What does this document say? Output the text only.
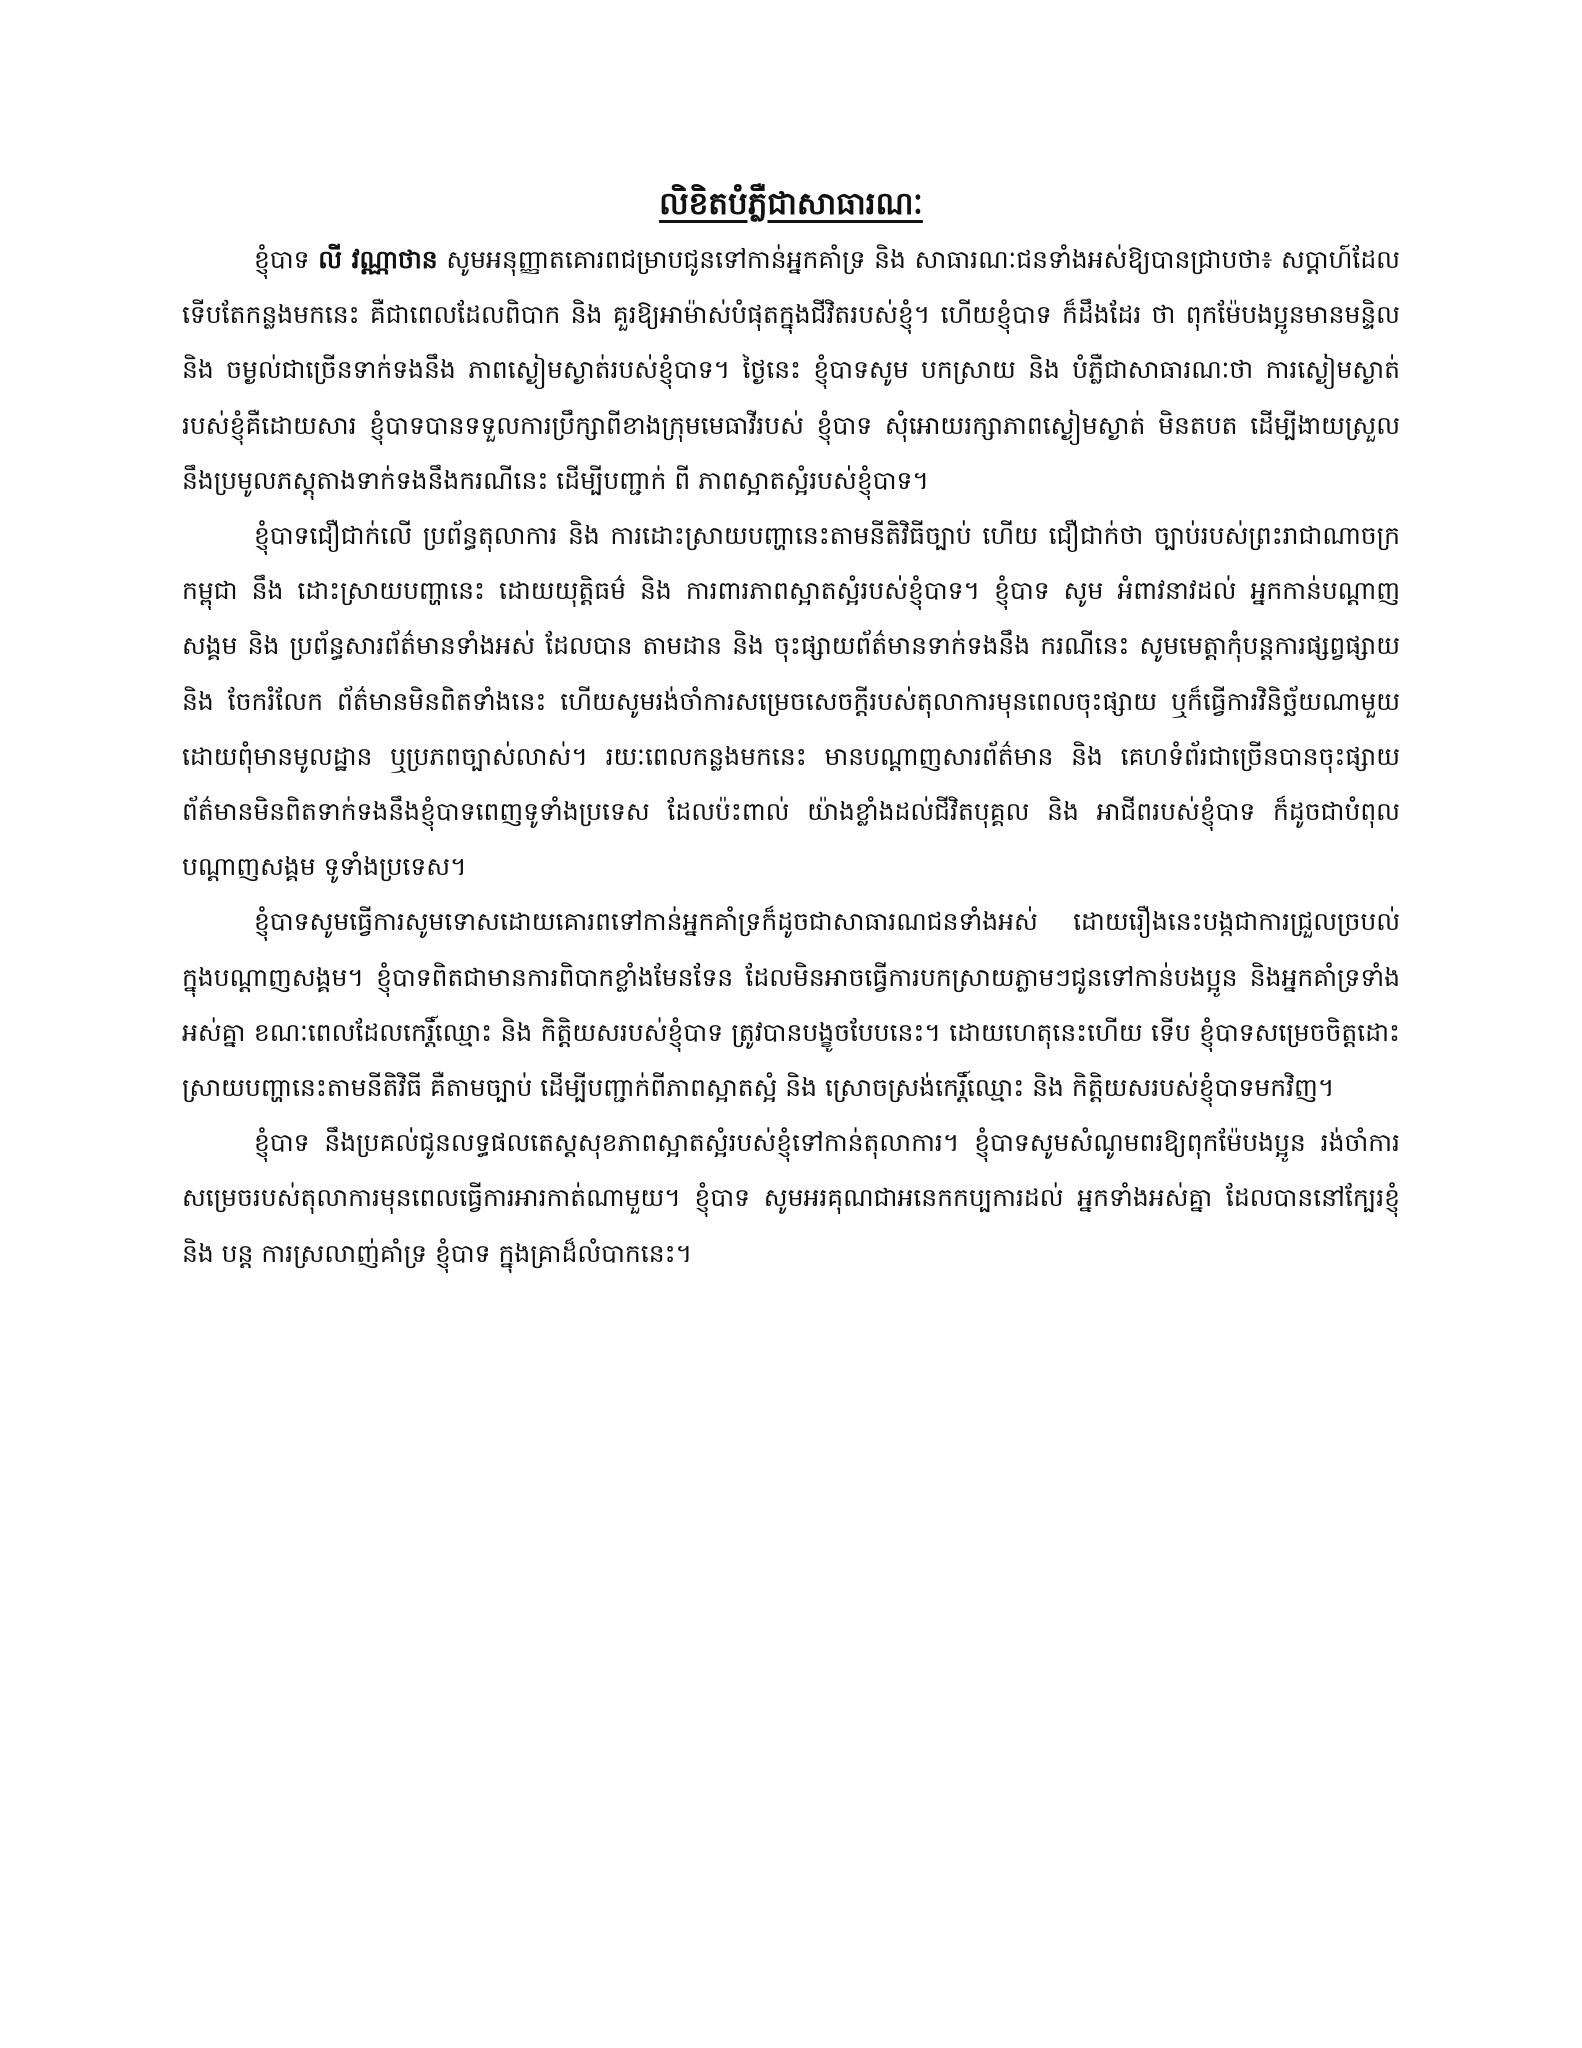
លិខិតបំភ្លឺជាសាធារណៈ

ខ្ញុំបាទ លី វណ្ណាថាន សូមអនុញ្ញាតគោរពជម្រាបជូនទៅកាន់អ្នកគាំទ្រ និង សាធារណៈជនទាំងអស់ឱ្យបានជ្រាបថា៖ សប្តាហ៍ដែលទើបតែកន្លងមកនេះ គឺជាពេលដែលពិបាក និង គួរឱ្យអាម៉ាស់បំផុតក្នុងជីវិតរបស់ខ្ញុំ។ ហើយខ្ញុំបាទ ក៏ដឹងដែរ ថា ពុកម៉ែបងប្អូនមានមន្ទិល និង ចម្ងល់ជាច្រើនទាក់ទងនឹង ភាពស្ងៀមស្ងាត់របស់ខ្ញុំបាទ។ ថ្ងៃនេះ ខ្ញុំបាទសូម បកស្រាយ និង បំភ្លឺជាសាធារណៈថា ការស្ងៀមស្ងាត់របស់ខ្ញុំគឺដោយសារ ខ្ញុំបាទបានទទួលការប្រឹក្សាពីខាងក្រុមមេធាវីរបស់ ខ្ញុំបាទ សុំអោយរក្សាភាពស្ងៀមស្ងាត់ មិនតបត ដើម្បីងាយស្រួលនឹងប្រមូលភស្តុតាងទាក់ទងនឹងករណីនេះ ដើម្បីបញ្ជាក់ ពី ភាពស្អាតស្អំរបស់ខ្ញុំបាទ។

ខ្ញុំបាទជឿជាក់លើ ប្រព័ន្ធតុលាការ និង ការដោះស្រាយបញ្ហានេះតាមនីតិវិធីច្បាប់ ហើយ ជឿជាក់ថា ច្បាប់របស់ព្រះរាជាណាចក្រកម្ពុជា នឹង ដោះស្រាយបញ្ហានេះ ដោយយុត្តិធម៌ និង ការពារភាពស្អាតស្អំរបស់ខ្ញុំបាទ។ ខ្ញុំបាទ សូម អំពាវនាវដល់ អ្នកកាន់បណ្តាញសង្គម និង ប្រព័ន្ធសារព័ត៌មានទាំងអស់ ដែលបាន តាមដាន និង ចុះផ្សាយព័ត៌មានទាក់ទងនឹង ករណីនេះ សូមមេត្តាកុំបន្តការផ្សព្វផ្សាយ និង ចែករំលែក ព័ត៌មានមិនពិតទាំងនេះ ហើយសូមរង់ចាំការសម្រេចសេចក្តីរបស់តុលាការមុនពេលចុះផ្សាយ ឬក៏ធ្វើការវិនិច្ឆ័យណាមួយដោយពុំមានមូលដ្ឋាន ឬប្រភពច្បាស់លាស់។ រយៈពេលកន្លងមកនេះ មានបណ្តាញសារព័ត៌មាន និង គេហទំព័រជាច្រើនបានចុះផ្សាយព័ត៌មានមិនពិតទាក់ទងនឹងខ្ញុំបាទពេញទូទាំងប្រទេស ដែលប៉ះពាល់ យ៉ាងខ្លាំងដល់ជីវិតបុគ្គល និង អាជីពរបស់ខ្ញុំបាទ ក៏ដូចជាបំពុលបណ្តាញសង្គម ទូទាំងប្រទេស។

ខ្ញុំបាទសូមធ្វើការសូមទោសដោយគោរពទៅកាន់អ្នកគាំទ្រក៏ដូចជាសាធារណជនទាំងអស់ ដោយរឿងនេះបង្កជាការជ្រួលច្របល់ ក្នុងបណ្តាញសង្គម។ ខ្ញុំបាទពិតជាមានការពិបាកខ្លាំងមែនទែន ដែលមិនអាចធ្វើការបកស្រាយភ្លាមៗជូនទៅកាន់បងប្អូន និងអ្នកគាំទ្រទាំងអស់គ្នា ខណៈពេលដែលកេរ្តិ៍ឈ្មោះ និង កិត្តិយសរបស់ខ្ញុំបាទ ត្រូវបានបង្ខូចបែបនេះ។ ដោយហេតុនេះហើយ ទើប ខ្ញុំបាទសម្រេចចិត្តដោះស្រាយបញ្ហានេះតាមនីតិវិធី គឺតាមច្បាប់ ដើម្បីបញ្ជាក់ពីភាពស្អាតស្អំ និង ស្រោចស្រង់កេរ្តិ៍ឈ្មោះ និង កិត្តិយសរបស់ខ្ញុំបាទមកវិញ។

ខ្ញុំបាទ នឹងប្រគល់ជូនលទ្ធផលតេស្តសុខភាពស្អាតស្អំរបស់ខ្ញុំទៅកាន់តុលាការ។ ខ្ញុំបាទសូមសំណូមពរឱ្យពុកម៉ែបងប្អូន រង់ចាំការសម្រេចរបស់តុលាការមុនពេលធ្វើការអារកាត់ណាមួយ។ ខ្ញុំបាទ សូមអរគុណជាអនេកកប្បការដល់ អ្នកទាំងអស់គ្នា ដែលបាននៅក្បែរខ្ញុំ និង បន្ត ការស្រលាញ់គាំទ្រ ខ្ញុំបាទ ក្នុងគ្រាដ៏លំបាកនេះ។
